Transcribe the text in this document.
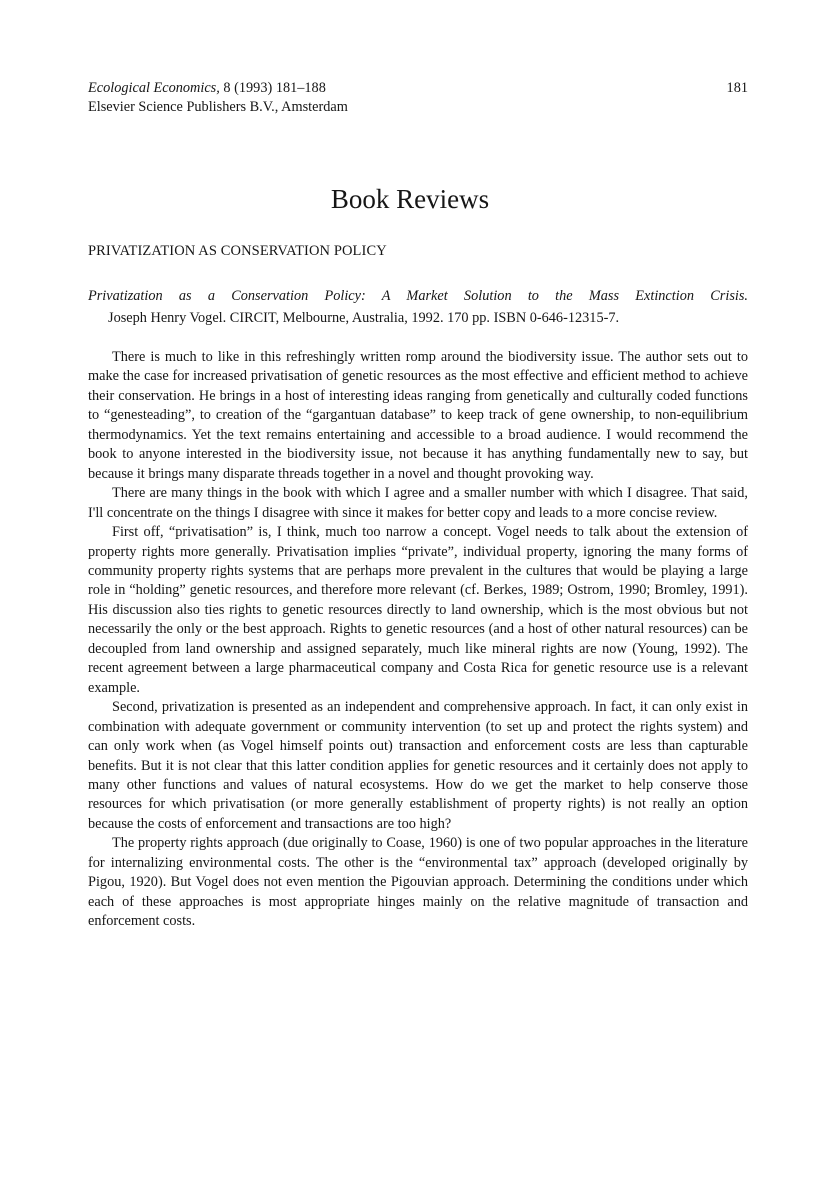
Ecological Economics, 8 (1993) 181–188
Elsevier Science Publishers B.V., Amsterdam
181
Book Reviews
PRIVATIZATION AS CONSERVATION POLICY
Privatization as a Conservation Policy: A Market Solution to the Mass Extinction Crisis.
Joseph Henry Vogel. CIRCIT, Melbourne, Australia, 1992. 170 pp. ISBN 0-646-12315-7.

There is much to like in this refreshingly written romp around the biodiversity issue. The author sets out to make the case for increased privatisation of genetic resources as the most effective and efficient method to achieve their conservation. He brings in a host of interesting ideas ranging from genetically and culturally coded functions to “genesteading”, to creation of the “gargantuan database” to keep track of gene ownership, to non-equilibrium thermodynamics. Yet the text remains entertaining and accessible to a broad audience. I would recommend the book to anyone interested in the biodiversity issue, not because it has anything fundamentally new to say, but because it brings many disparate threads together in a novel and thought provoking way.

There are many things in the book with which I agree and a smaller number with which I disagree. That said, I'll concentrate on the things I disagree with since it makes for better copy and leads to a more concise review.

First off, “privatisation” is, I think, much too narrow a concept. Vogel needs to talk about the extension of property rights more generally. Privatisation implies “private”, individual property, ignoring the many forms of community property rights systems that are perhaps more prevalent in the cultures that would be playing a large role in “holding” genetic resources, and therefore more relevant (cf. Berkes, 1989; Ostrom, 1990; Bromley, 1991). His discussion also ties rights to genetic resources directly to land ownership, which is the most obvious but not necessarily the only or the best approach. Rights to genetic resources (and a host of other natural resources) can be decoupled from land ownership and assigned separately, much like mineral rights are now (Young, 1992). The recent agreement between a large pharmaceutical company and Costa Rica for genetic resource use is a relevant example.

Second, privatization is presented as an independent and comprehensive approach. In fact, it can only exist in combination with adequate government or community intervention (to set up and protect the rights system) and can only work when (as Vogel himself points out) transaction and enforcement costs are less than capturable benefits. But it is not clear that this latter condition applies for genetic resources and it certainly does not apply to many other functions and values of natural ecosystems. How do we get the market to help conserve those resources for which privatisation (or more generally establishment of property rights) is not really an option because the costs of enforcement and transactions are too high?

The property rights approach (due originally to Coase, 1960) is one of two popular approaches in the literature for internalizing environmental costs. The other is the “environmental tax” approach (developed originally by Pigou, 1920). But Vogel does not even mention the Pigouvian approach. Determining the conditions under which each of these approaches is most appropriate hinges mainly on the relative magnitude of transaction and enforcement costs.
